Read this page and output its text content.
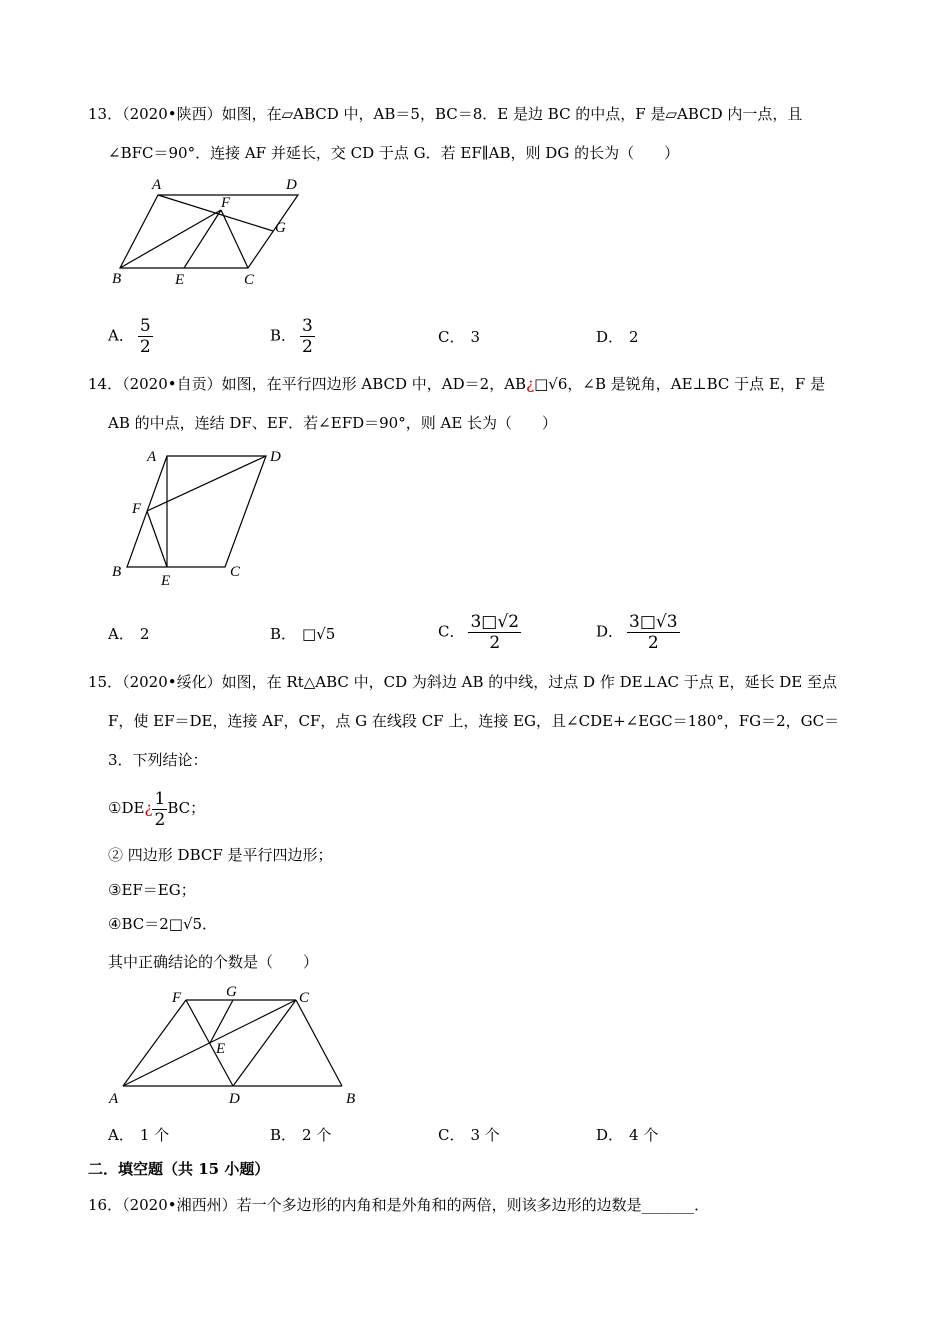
13．（2020•陕西）如图，在▱ABCD 中，AB＝5，BC＝8．E 是边 BC 的中点，F 是▱ABCD 内一点，且
∠BFC＝90°．连接 AF 并延长，交 CD 于点 G．若 EF∥AB，则 DG 的长为（　　）
A	D
F
G
B	E	C
A． $\frac{5}{2}$	B． $\frac{3}{2}$	C． 3	D． 2
14．（2020•自贡）如图，在平行四边形 ABCD 中，AD＝2，AB¿□√6，∠B 是锐角，AE⊥BC 于点 E，F 是
AB 的中点，连结 DF、EF．若∠EFD＝90°，则 AE 长为（　　）
A	D
F
B
E
C
A． 2	B． □√5	C． $\frac{3□√2}{2}$	D． $\frac{3□√3}{2}$
15．（2020•绥化）如图，在 Rt△ABC 中，CD 为斜边 AB 的中线，过点 D 作 DE⊥AC 于点 E，延长 DE 至点
F，使 EF＝DE，连接 AF，CF，点 G 在线段 CF 上，连接 EG，且∠CDE+∠EGC＝180°，FG＝2，GC＝
3．下列结论：
①DE¿ $\frac{1}{2}$ BC；
② 四边形 DBCF 是平行四边形；
③EF＝EG；
④BC＝2□√5．
其中正确结论的个数是（　　）
F	G	C
E
A	D	B
A． 1 个	B． 2 个	C． 3 个	D． 4 个
二．填空题（共 15 小题）
16．（2020•湘西州）若一个多边形的内角和是外角和的两倍，则该多边形的边数是_______．
